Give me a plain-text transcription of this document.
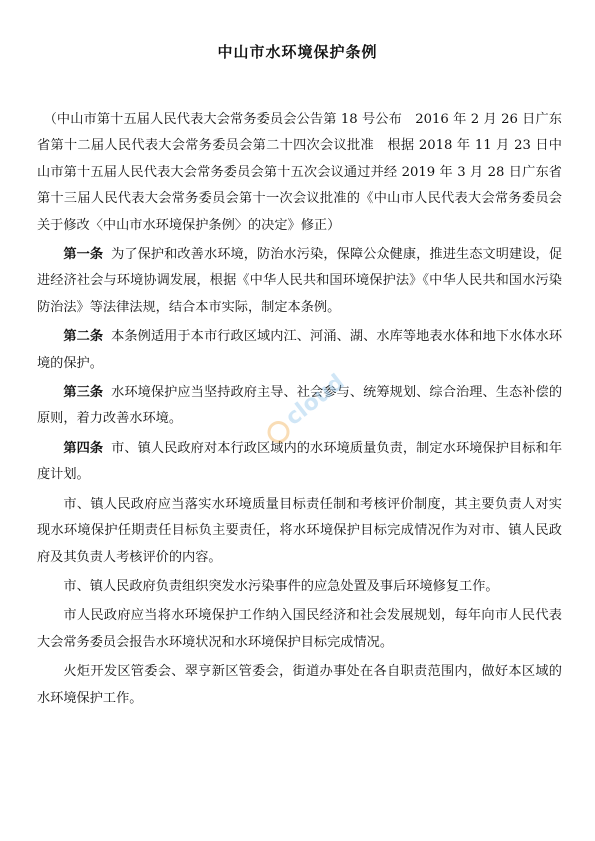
中山市水环境保护条例

（中山市第十五届人民代表大会常务委员会公告第 18 号公布　2016 年 2 月 26 日广东省第十二届人民代表大会常务委员会第二十四次会议批准　根据 2018 年 11 月 23 日中山市第十五届人民代表大会常务委员会第十五次会议通过并经 2019 年 3 月 28 日广东省第十三届人民代表大会常务委员会第十一次会议批准的《中山市人民代表大会常务委员会关于修改〈中山市水环境保护条例〉的决定》修正）

第一条 为了保护和改善水环境，防治水污染，保障公众健康，推进生态文明建设，促进经济社会与环境协调发展，根据《中华人民共和国环境保护法》《中华人民共和国水污染防治法》等法律法规，结合本市实际，制定本条例。

第二条 本条例适用于本市行政区域内江、河涌、湖、水库等地表水体和地下水体水环境的保护。

第三条 水环境保护应当坚持政府主导、社会参与、统筹规划、综合治理、生态补偿的原则，着力改善水环境。

第四条 市、镇人民政府对本行政区域内的水环境质量负责，制定水环境保护目标和年度计划。

市、镇人民政府应当落实水环境质量目标责任制和考核评价制度，其主要负责人对实现水环境保护任期责任目标负主要责任，将水环境保护目标完成情况作为对市、镇人民政府及其负责人考核评价的内容。

市、镇人民政府负责组织突发水污染事件的应急处置及事后环境修复工作。

市人民政府应当将水环境保护工作纳入国民经济和社会发展规划，每年向市人民代表大会常务委员会报告水环境状况和水环境保护目标完成情况。

火炬开发区管委会、翠亨新区管委会，街道办事处在各自职责范围内，做好本区域的水环境保护工作。

cloud
